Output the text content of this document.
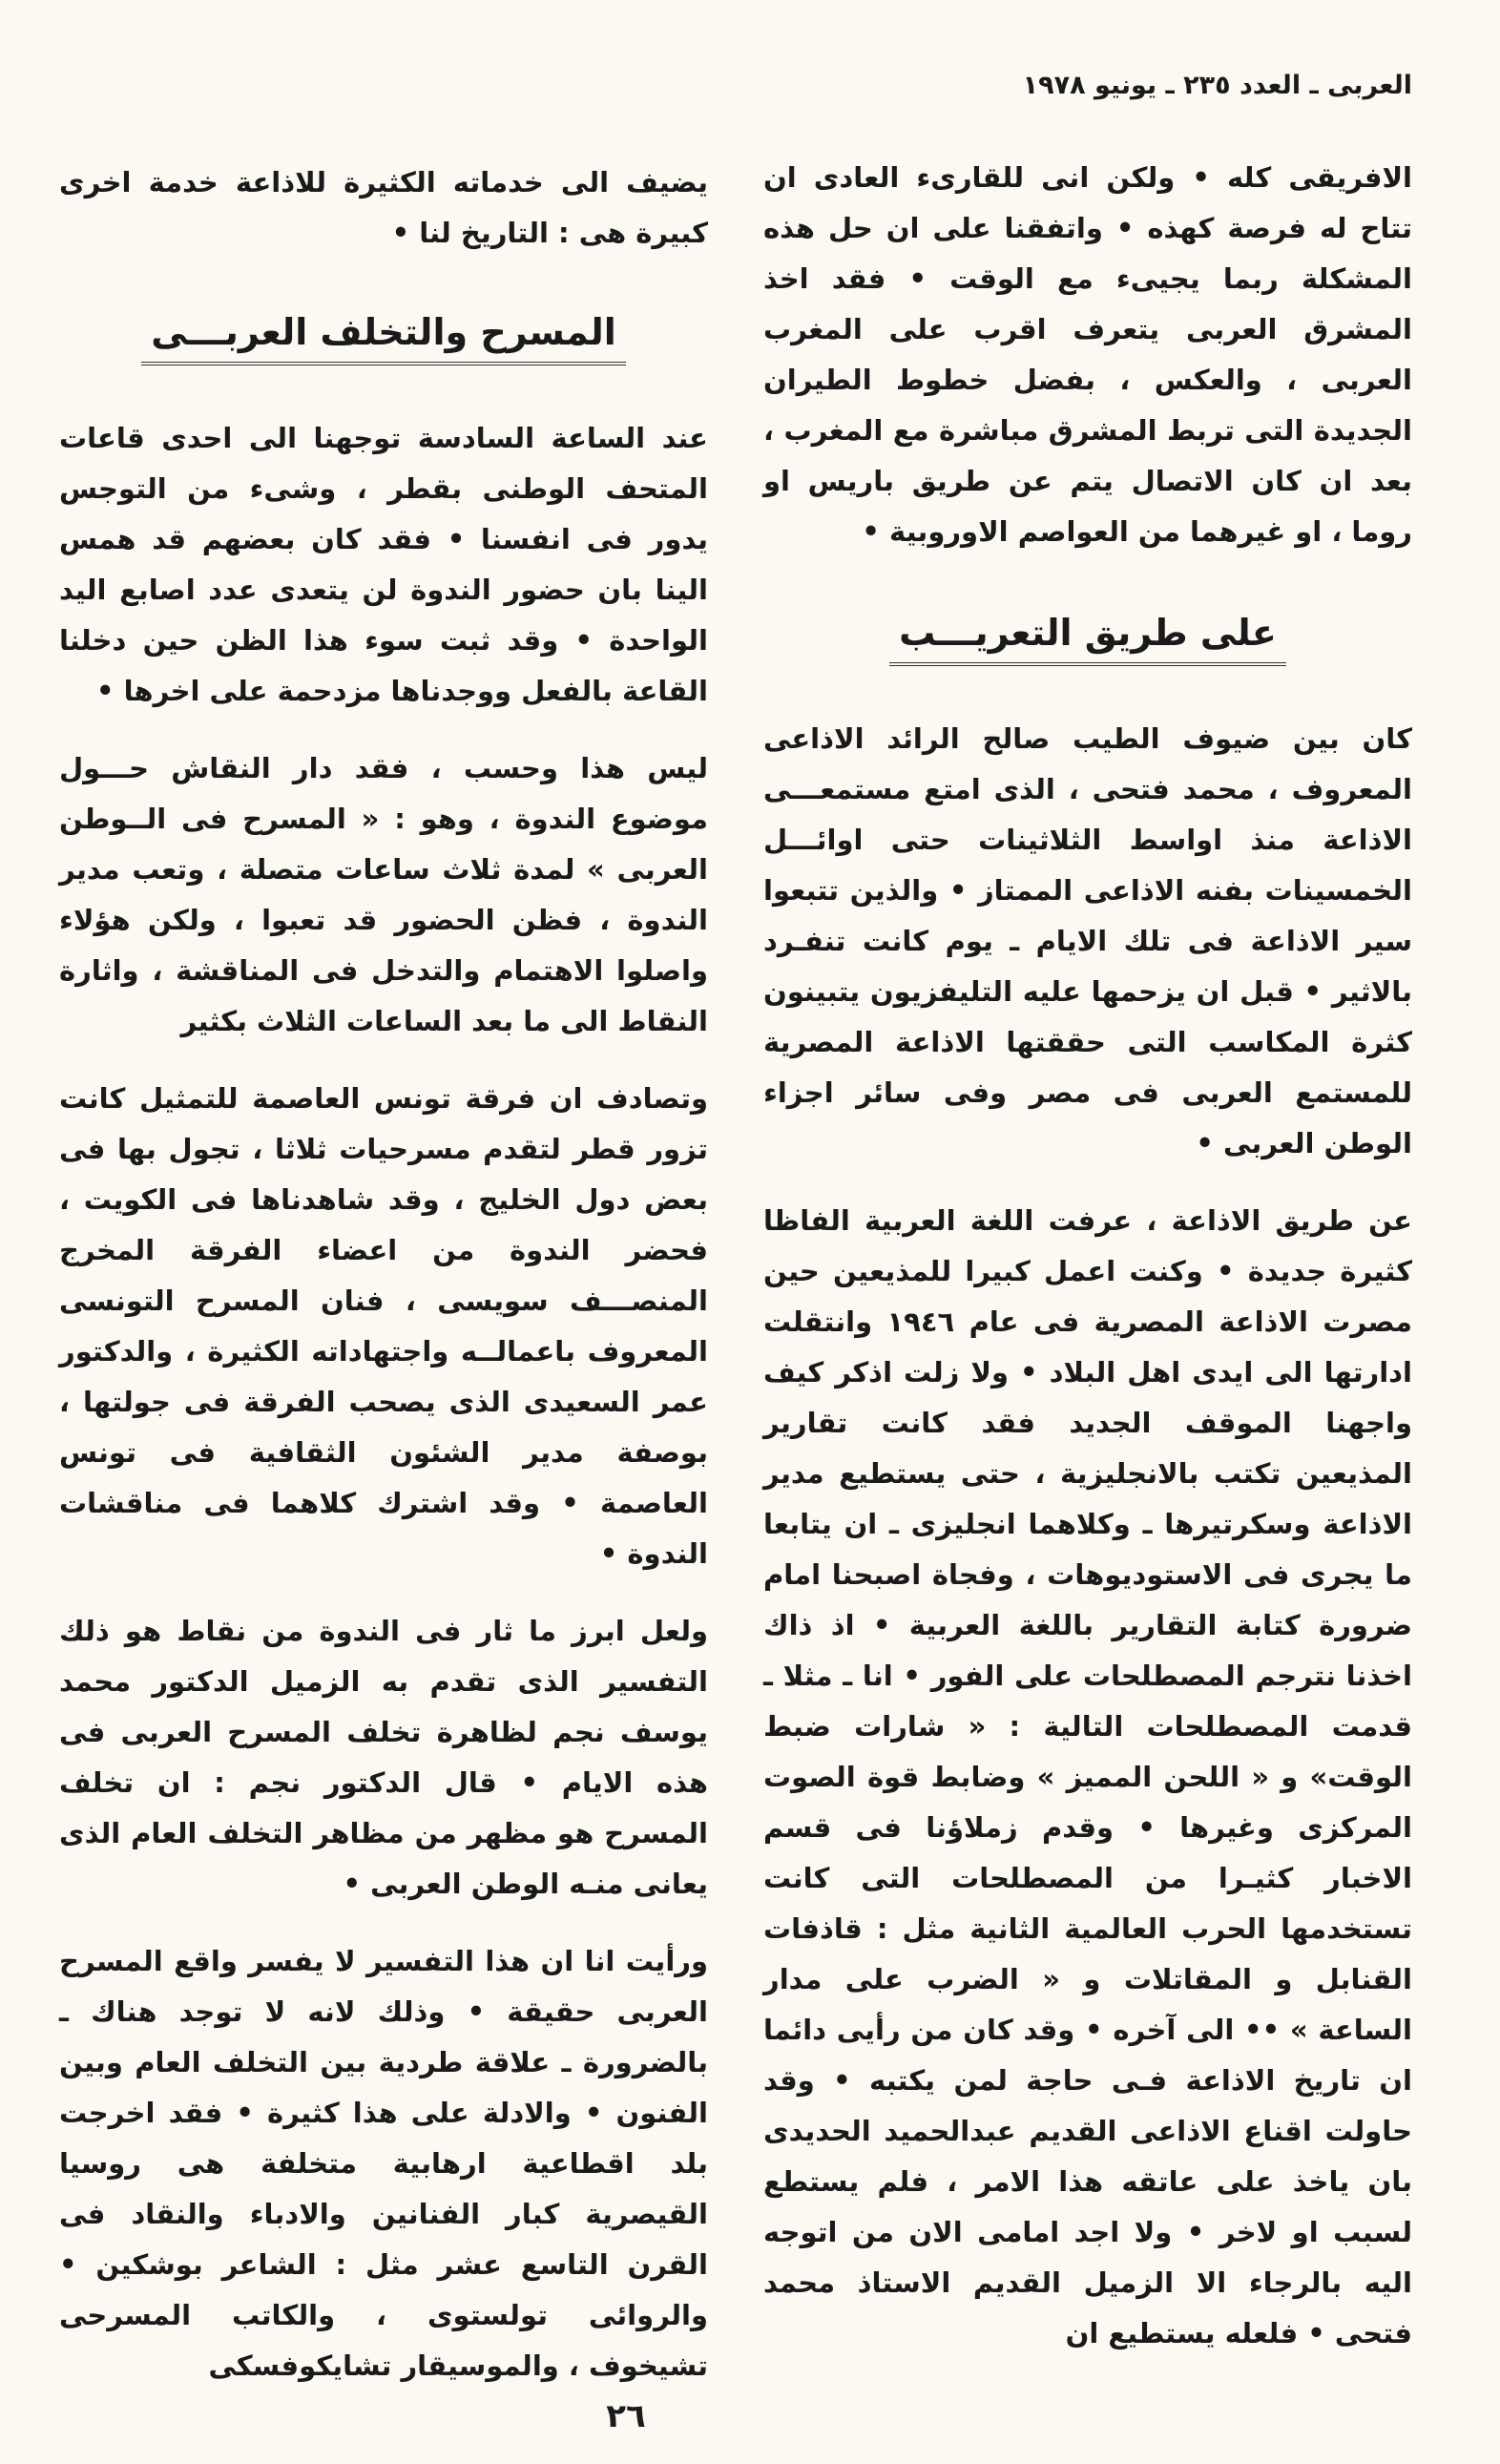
العربى ـ العدد ٢٣٥ ـ يونيو ١٩٧٨

الافريقى كله • ولكن انى للقارىء العادى ان تتاح له فرصة كهذه • واتفقنا على ان حل هذه المشكلة ربما يجيىء مع الوقت • فقد اخذ المشرق العربى يتعرف اقرب على المغرب العربى ، والعكس ، بفضل خطوط الطيران الجديدة التى تربط المشرق مباشرة مع المغرب ، بعد ان كان الاتصال يتم عن طريق باريس او روما ، او غيرهما من العواصم الاوروبية •

على طريق التعريـــب

كان بين ضيوف الطيب صالح الرائد الاذاعى المعروف ، محمد فتحى ، الذى امتع مستمعـــى الاذاعة منذ اواسط الثلاثينات حتى اوائـــل الخمسينات بفنه الاذاعى الممتاز • والذين تتبعوا سير الاذاعة فى تلك الايام ـ يوم كانت تنفـرد بالاثير • قبل ان يزحمها عليه التليفزيون يتبينون كثرة المكاسب التى حققتها الاذاعة المصرية للمستمع العربى فى مصر وفى سائر اجزاء الوطن العربى •

عن طريق الاذاعة ، عرفت اللغة العربية الفاظا كثيرة جديدة • وكنت اعمل كبيرا للمذيعين حين مصرت الاذاعة المصرية فى عام ١٩٤٦ وانتقلت ادارتها الى ايدى اهل البلاد • ولا زلت اذكر كيف واجهنا الموقف الجديد فقد كانت تقارير المذيعين تكتب بالانجليزية ، حتى يستطيع مدير الاذاعة وسكرتيرها ـ وكلاهما انجليزى ـ ان يتابعا ما يجرى فى الاستوديوهات ، وفجاة اصبحنا امام ضرورة كتابة التقارير باللغة العربية • اذ ذاك اخذنا نترجم المصطلحات على الفور • انا ـ مثلا ـ قدمت المصطلحات التالية : « شارات ضبط الوقت» و « اللحن المميز » وضابط قوة الصوت المركزى وغيرها • وقدم زملاؤنا فى قسم الاخبار كثيـرا من المصطلحات التى كانت تستخدمها الحرب العالمية الثانية مثل : قاذفات القنابل و المقاتلات و « الضرب على مدار الساعة » •• الى آخره • وقد كان من رأيى دائما ان تاريخ الاذاعة فـى حاجة لمن يكتبه • وقد حاولت اقناع الاذاعى القديم عبدالحميد الحديدى بان ياخذ على عاتقه هذا الامر ، فلم يستطع لسبب او لاخر • ولا اجد امامى الان من اتوجه اليه بالرجاء الا الزميل القديم الاستاذ محمد فتحى • فلعله يستطيع ان

يضيف الى خدماته الكثيرة للاذاعة خدمة اخرى كبيرة هى : التاريخ لنا •

المسرح والتخلف العربـــى

عند الساعة السادسة توجهنا الى احدى قاعات المتحف الوطنى بقطر ، وشىء من التوجس يدور فى انفسنا • فقد كان بعضهم قد همس الينا بان حضور الندوة لن يتعدى عدد اصابع اليد الواحدة • وقد ثبت سوء هذا الظن حين دخلنا القاعة بالفعل ووجدناها مزدحمة على اخرها •

ليس هذا وحسب ، فقد دار النقاش حـــول موضوع الندوة ، وهو : « المسرح فى الــوطن العربى » لمدة ثلاث ساعات متصلة ، وتعب مدير الندوة ، فظن الحضور قد تعبوا ، ولكن هؤلاء واصلوا الاهتمام والتدخل فى المناقشة ، واثارة النقاط الى ما بعد الساعات الثلاث بكثير

وتصادف ان فرقة تونس العاصمة للتمثيل كانت تزور قطر لتقدم مسرحيات ثلاثا ، تجول بها فى بعض دول الخليج ، وقد شاهدناها فى الكويت ، فحضر الندوة من اعضاء الفرقة المخرج المنصـــف سويسى ، فنان المسرح التونسى المعروف باعمالــه واجتهاداته الكثيرة ، والدكتور عمر السعيدى الذى يصحب الفرقة فى جولتها ، بوصفة مدير الشئون الثقافية فى تونس العاصمة • وقد اشترك كلاهما فى مناقشات الندوة •

ولعل ابرز ما ثار فى الندوة من نقاط هو ذلك التفسير الذى تقدم به الزميل الدكتور محمد يوسف نجم لظاهرة تخلف المسرح العربى فى هذه الايام • قال الدكتور نجم : ان تخلف المسرح هو مظهر من مظاهر التخلف العام الذى يعانى منـه الوطن العربى •

ورأيت انا ان هذا التفسير لا يفسر واقع المسرح العربى حقيقة • وذلك لانه لا توجد هناك ـ بالضرورة ـ علاقة طردية بين التخلف العام وبين الفنون • والادلة على هذا كثيرة • فقد اخرجت بلد اقطاعية ارهابية متخلفة هى روسيا القيصرية كبار الفنانين والادباء والنقاد فى القرن التاسع عشر مثل : الشاعر بوشكين • والروائى تولستوى ، والكاتب المسرحى تشيخوف ، والموسيقار تشايكوفسكى

٢٦
